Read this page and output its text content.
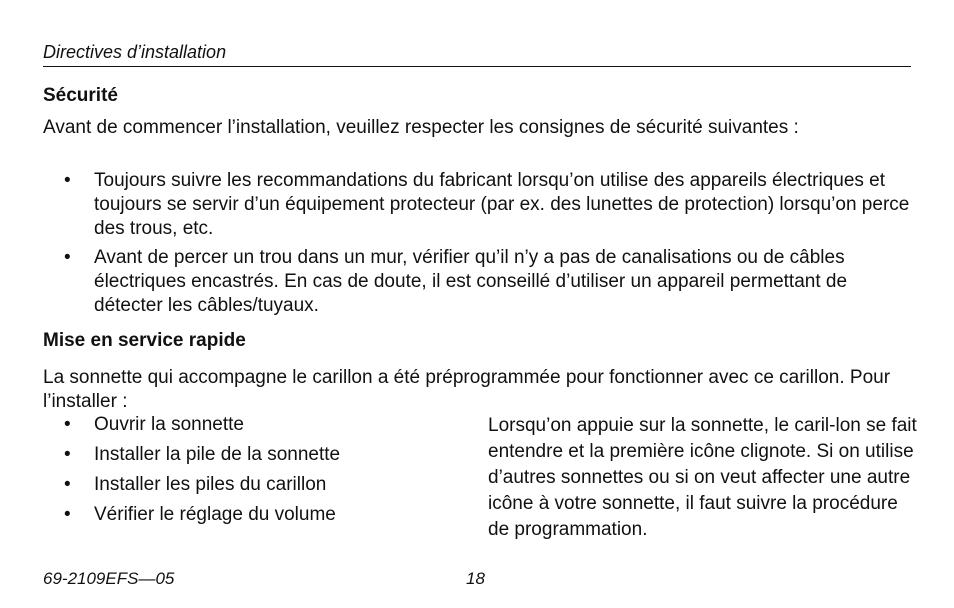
Directives d’installation
Sécurité
Avant de commencer l’installation, veuillez respecter les consignes de sécurité suivantes :
• Toujours suivre les recommandations du fabricant lorsqu’on utilise des appareils électriques et toujours se servir d’un équipement protecteur (par ex. des lunettes de protection) lorsqu’on perce des trous, etc.
• Avant de percer un trou dans un mur, vérifier qu’il n’y a pas de canalisations ou de câbles électriques encastrés. En cas de doute, il est conseillé d’utiliser un appareil permettant de détecter les câbles/tuyaux.
Mise en service rapide
La sonnette qui accompagne le carillon a été préprogrammée pour fonctionner avec ce carillon. Pour l’installer :
• Ouvrir la sonnette
• Installer la pile de la sonnette
• Installer les piles du carillon
• Vérifier le réglage du volume
Lorsqu’on appuie sur la sonnette, le caril-lon se fait entendre et la première icône clignote. Si on utilise d’autres sonnettes ou si on veut affecter une autre icône à votre sonnette, il faut suivre la procédure de programmation.
69-2109EFS—05	18
